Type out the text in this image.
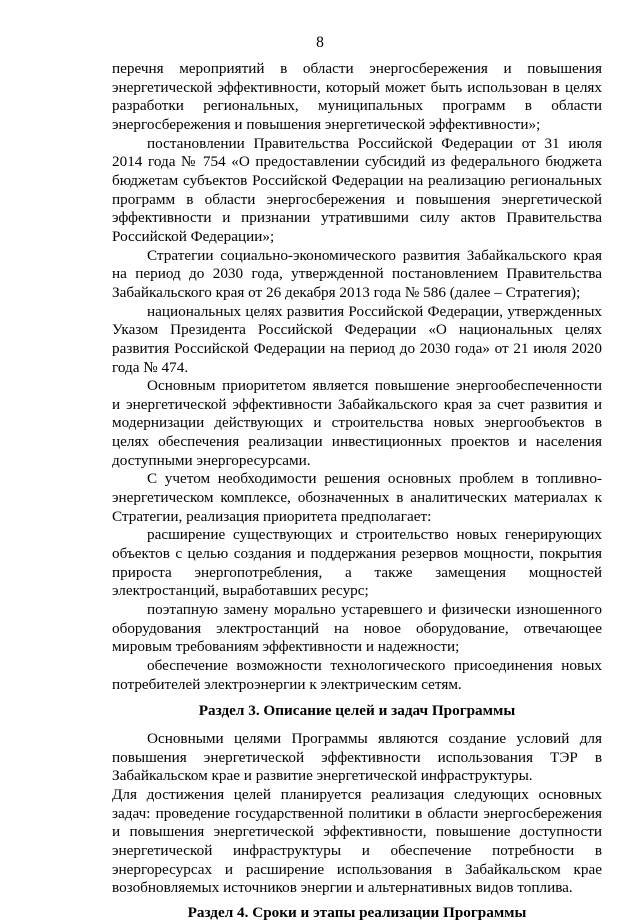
8

перечня мероприятий в области энергосбережения и повышения энергетической эффективности, который может быть использован в целях разработки региональных, муниципальных программ в области энергосбережения и повышения энергетической эффективности»;

постановлении Правительства Российской Федерации от 31 июля 2014 года № 754 «О предоставлении субсидий из федерального бюджета бюджетам субъектов Российской Федерации на реализацию региональных программ в области энергосбережения и повышения энергетической эффективности и признании утратившими силу актов Правительства Российской Федерации»;

Стратегии социально-экономического развития Забайкальского края на период до 2030 года, утвержденной постановлением Правительства Забайкальского края от 26 декабря 2013 года № 586 (далее – Стратегия);

национальных целях развития Российской Федерации, утвержденных Указом Президента Российской Федерации «О национальных целях развития Российской Федерации на период до 2030 года» от 21 июля 2020 года № 474.

Основным приоритетом является повышение энергообеспеченности и энергетической эффективности Забайкальского края за счет развития и модернизации действующих и строительства новых энергообъектов в целях обеспечения реализации инвестиционных проектов и населения доступными энергоресурсами.

С учетом необходимости решения основных проблем в топливно-энергетическом комплексе, обозначенных в аналитических материалах к Стратегии, реализация приоритета предполагает:

расширение существующих и строительство новых генерирующих объектов с целью создания и поддержания резервов мощности, покрытия прироста энергопотребления, а также замещения мощностей электростанций, выработавших ресурс;

поэтапную замену морально устаревшего и физически изношенного оборудования электростанций на новое оборудование, отвечающее мировым требованиям эффективности и надежности;

обеспечение возможности технологического присоединения новых потребителей электроэнергии к электрическим сетям.

Раздел 3. Описание целей и задач Программы

Основными целями Программы являются создание условий для повышения энергетической эффективности использования ТЭР в Забайкальском крае и развитие энергетической инфраструктуры.

Для достижения целей планируется реализация следующих основных задач: проведение государственной политики в области энергосбережения и повышения энергетической эффективности, повышение доступности энергетической инфраструктуры и обеспечение потребности в энергоресурсах и расширение использования в Забайкальском крае возобновляемых источников энергии и альтернативных видов топлива.

Раздел 4. Сроки и этапы реализации Программы
